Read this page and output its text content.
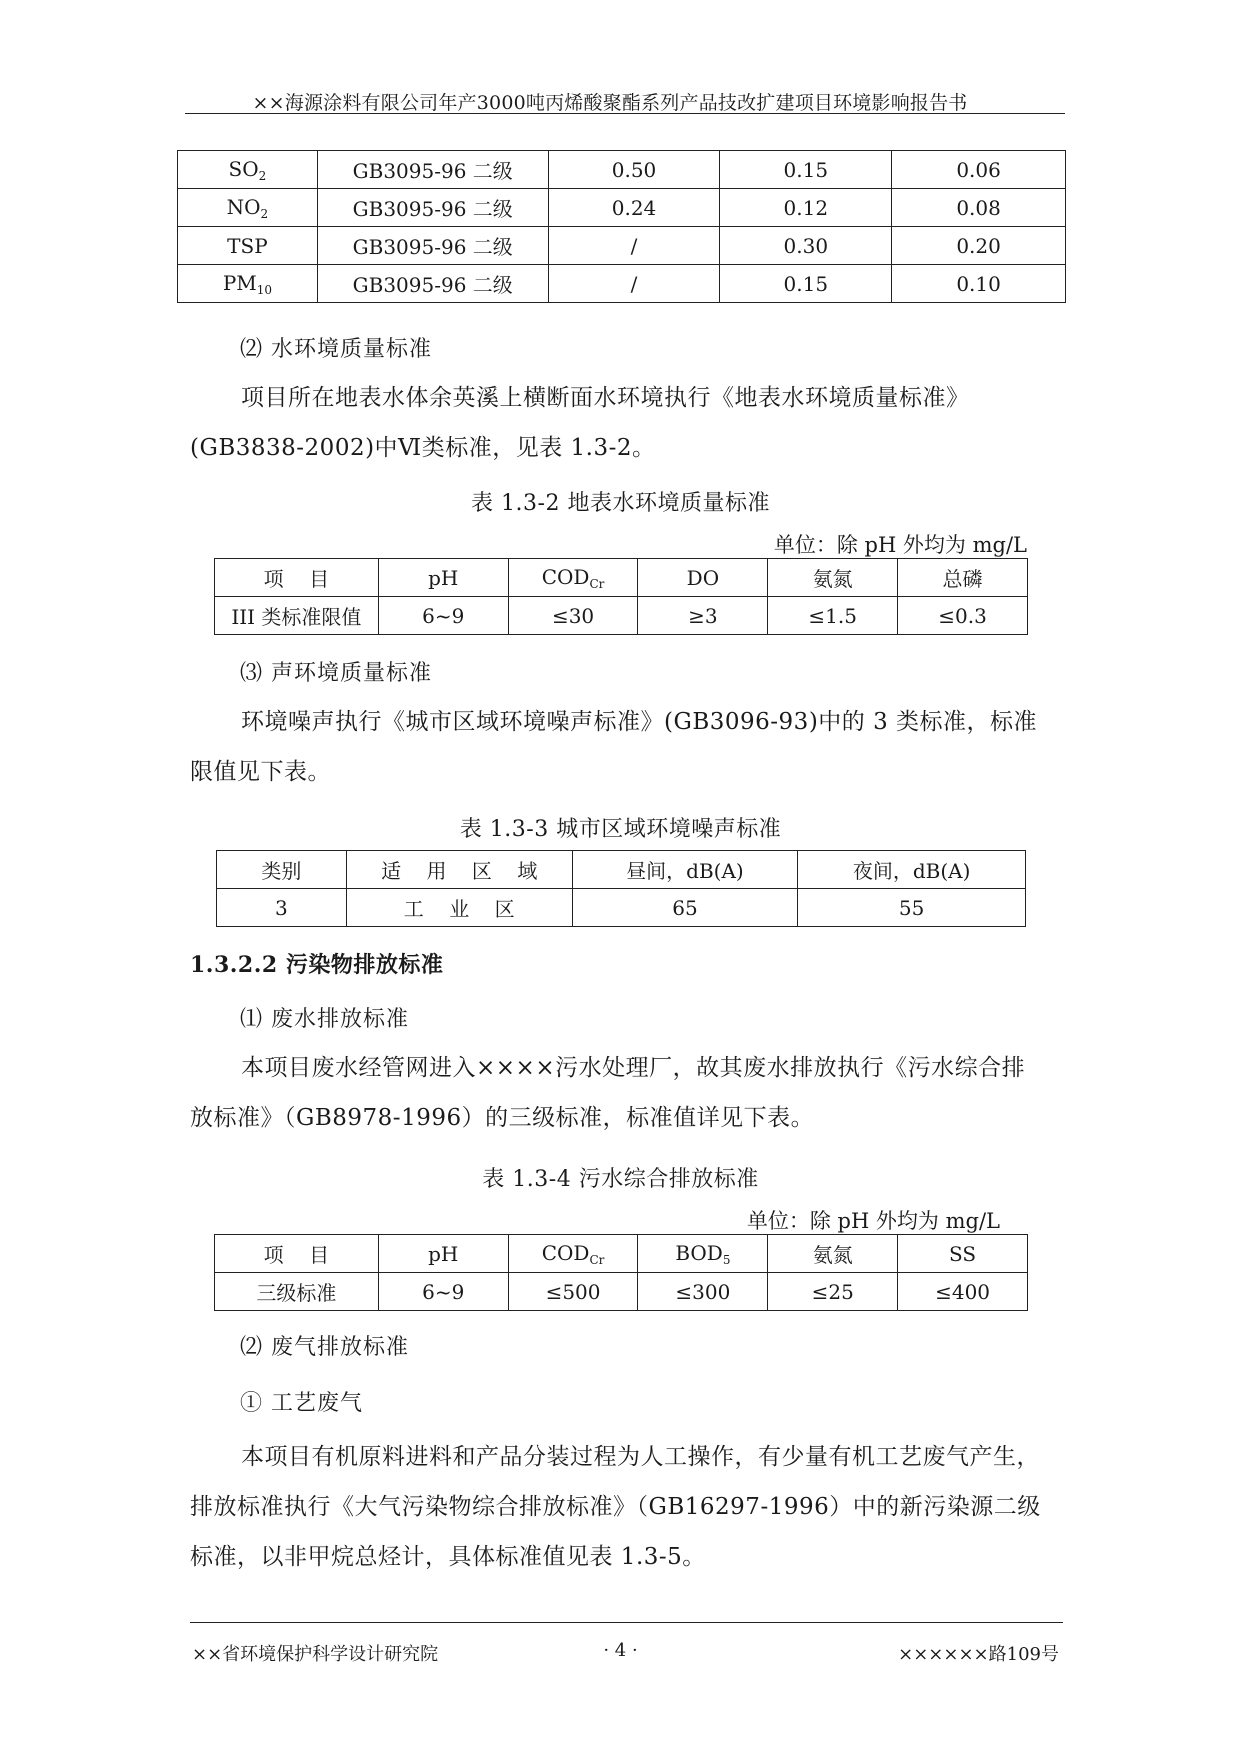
××海源涂料有限公司年产3000吨丙烯酸聚酯系列产品技改扩建项目环境影响报告书
$SO_2$	GB3095-96 二级	0.50	0.15	0.06
$NO_2$	GB3095-96 二级	0.24	0.12	0.08
TSP	GB3095-96 二级	/	0.30	0.20
$PM_{10}$	GB3095-96 二级	/	0.15	0.10
⑵ 水环境质量标准
项目所在地表水体余英溪上横断面水环境执行《地表水环境质量标准》
(GB3838-2002)中Ⅵ类标准，见表 1.3-2。
表 1.3-2 地表水环境质量标准
单位：除 pH 外均为 mg/L
项    目	pH	$COD_{Cr}$	DO	氨氮	总磷
III 类标准限值	6~9	≤30	≥3	≤1.5	≤0.3
⑶ 声环境质量标准
环境噪声执行《城市区域环境噪声标准》(GB3096-93)中的 3 类标准，标准
限值见下表。
表 1.3-3 城市区域环境噪声标准
类别	适    用    区    域	昼间，dB(A)	夜间，dB(A)
3	工    业    区	65	55
1.3.2.2 污染物排放标准
⑴ 废水排放标准
本项目废水经管网进入××××污水处理厂，故其废水排放执行《污水综合排
放标准》（GB8978-1996）的三级标准，标准值详见下表。
表 1.3-4 污水综合排放标准
单位：除 pH 外均为 mg/L
项    目	pH	$COD_{Cr}$	$BOD_5$	氨氮	SS
三级标准	6~9	≤500	≤300	≤25	≤400
⑵ 废气排放标准
① 工艺废气
本项目有机原料进料和产品分装过程为人工操作，有少量有机工艺废气产生，
排放标准执行《大气污染物综合排放标准》（GB16297-1996）中的新污染源二级
标准，以非甲烷总烃计，具体标准值见表 1.3-5。
××省环境保护科学设计研究院	· 4 ·	××××××路109号
